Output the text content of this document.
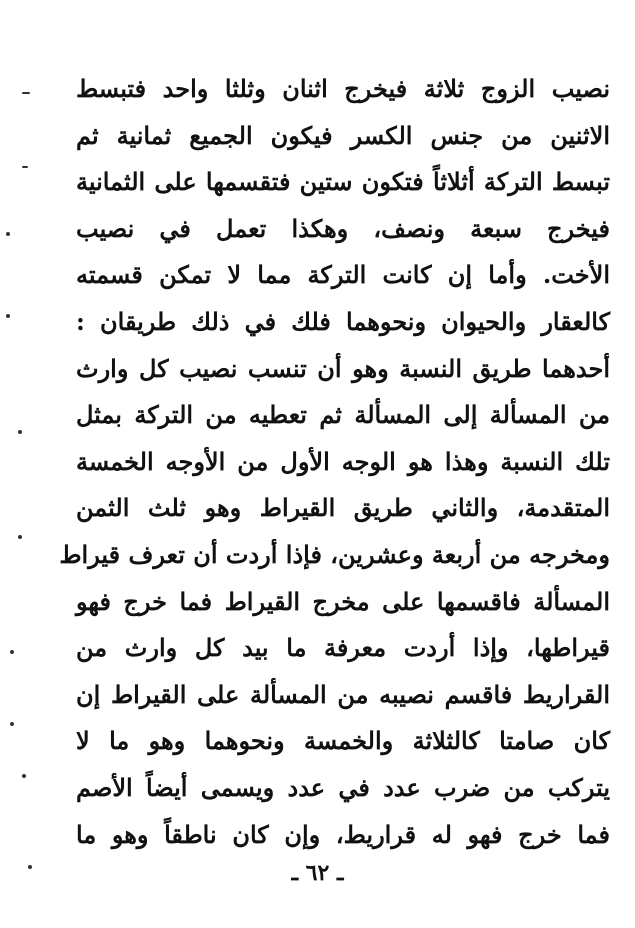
نصيب الزوج ثلاثة فيخرج اثنان وثلثا واحد فتبسط
الاثنين من جنس الكسر فيكون الجميع ثمانية ثم
تبسط التركة أثلاثاً فتكون ستين فتقسمها على الثمانية
فيخرج سبعة ونصف، وهكذا تعمل في نصيب
الأخت. وأما إن كانت التركة مما لا تمكن قسمته
كالعقار والحيوان ونحوهما فلك في ذلك طريقان :
أحدهما طريق النسبة وهو أن تنسب نصيب كل وارث
من المسألة إلى المسألة ثم تعطيه من التركة بمثل
تلك النسبة وهذا هو الوجه الأول من الأوجه الخمسة
المتقدمة، والثاني طريق القيراط وهو ثلث الثمن
ومخرجه من أربعة وعشرين، فإذا أردت أن تعرف قيراط
المسألة فاقسمها على مخرج القيراط فما خرج فهو
قيراطها، وإذا أردت معرفة ما بيد كل وارث من
القراريط فاقسم نصيبه من المسألة على القيراط إن
كان صامتا كالثلاثة والخمسة ونحوهما وهو ما لا
يتركب من ضرب عدد في عدد ويسمى أيضاً الأصم
فما خرج فهو له قراريط، وإن كان ناطقاً وهو ما
ـ ٦٢ ـ
